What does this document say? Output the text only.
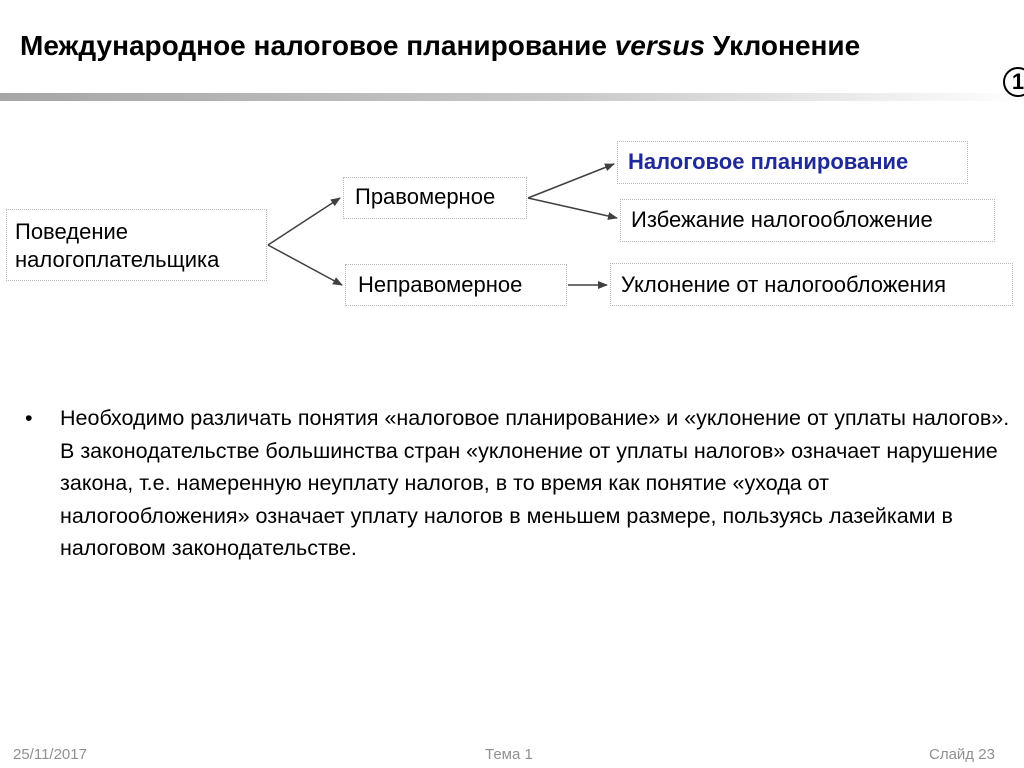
Международное налоговое планирование versus Уклонение
1
Поведение
налогоплательщика
Правомерное
Неправомерное
Налоговое планирование
Избежание налогообложение
Уклонение от налогообложения
• Необходимо различать понятия «налоговое планирование» и «уклонение от уплаты налогов». В законодательстве большинства стран «уклонение от уплаты налогов» означает нарушение закона, т.е. намеренную неуплату налогов, в то время как понятие «ухода от налогообложения» означает уплату налогов в меньшем размере, пользуясь лазейками в налоговом законодательстве.
25/11/2017	Тема 1	Слайд 23
